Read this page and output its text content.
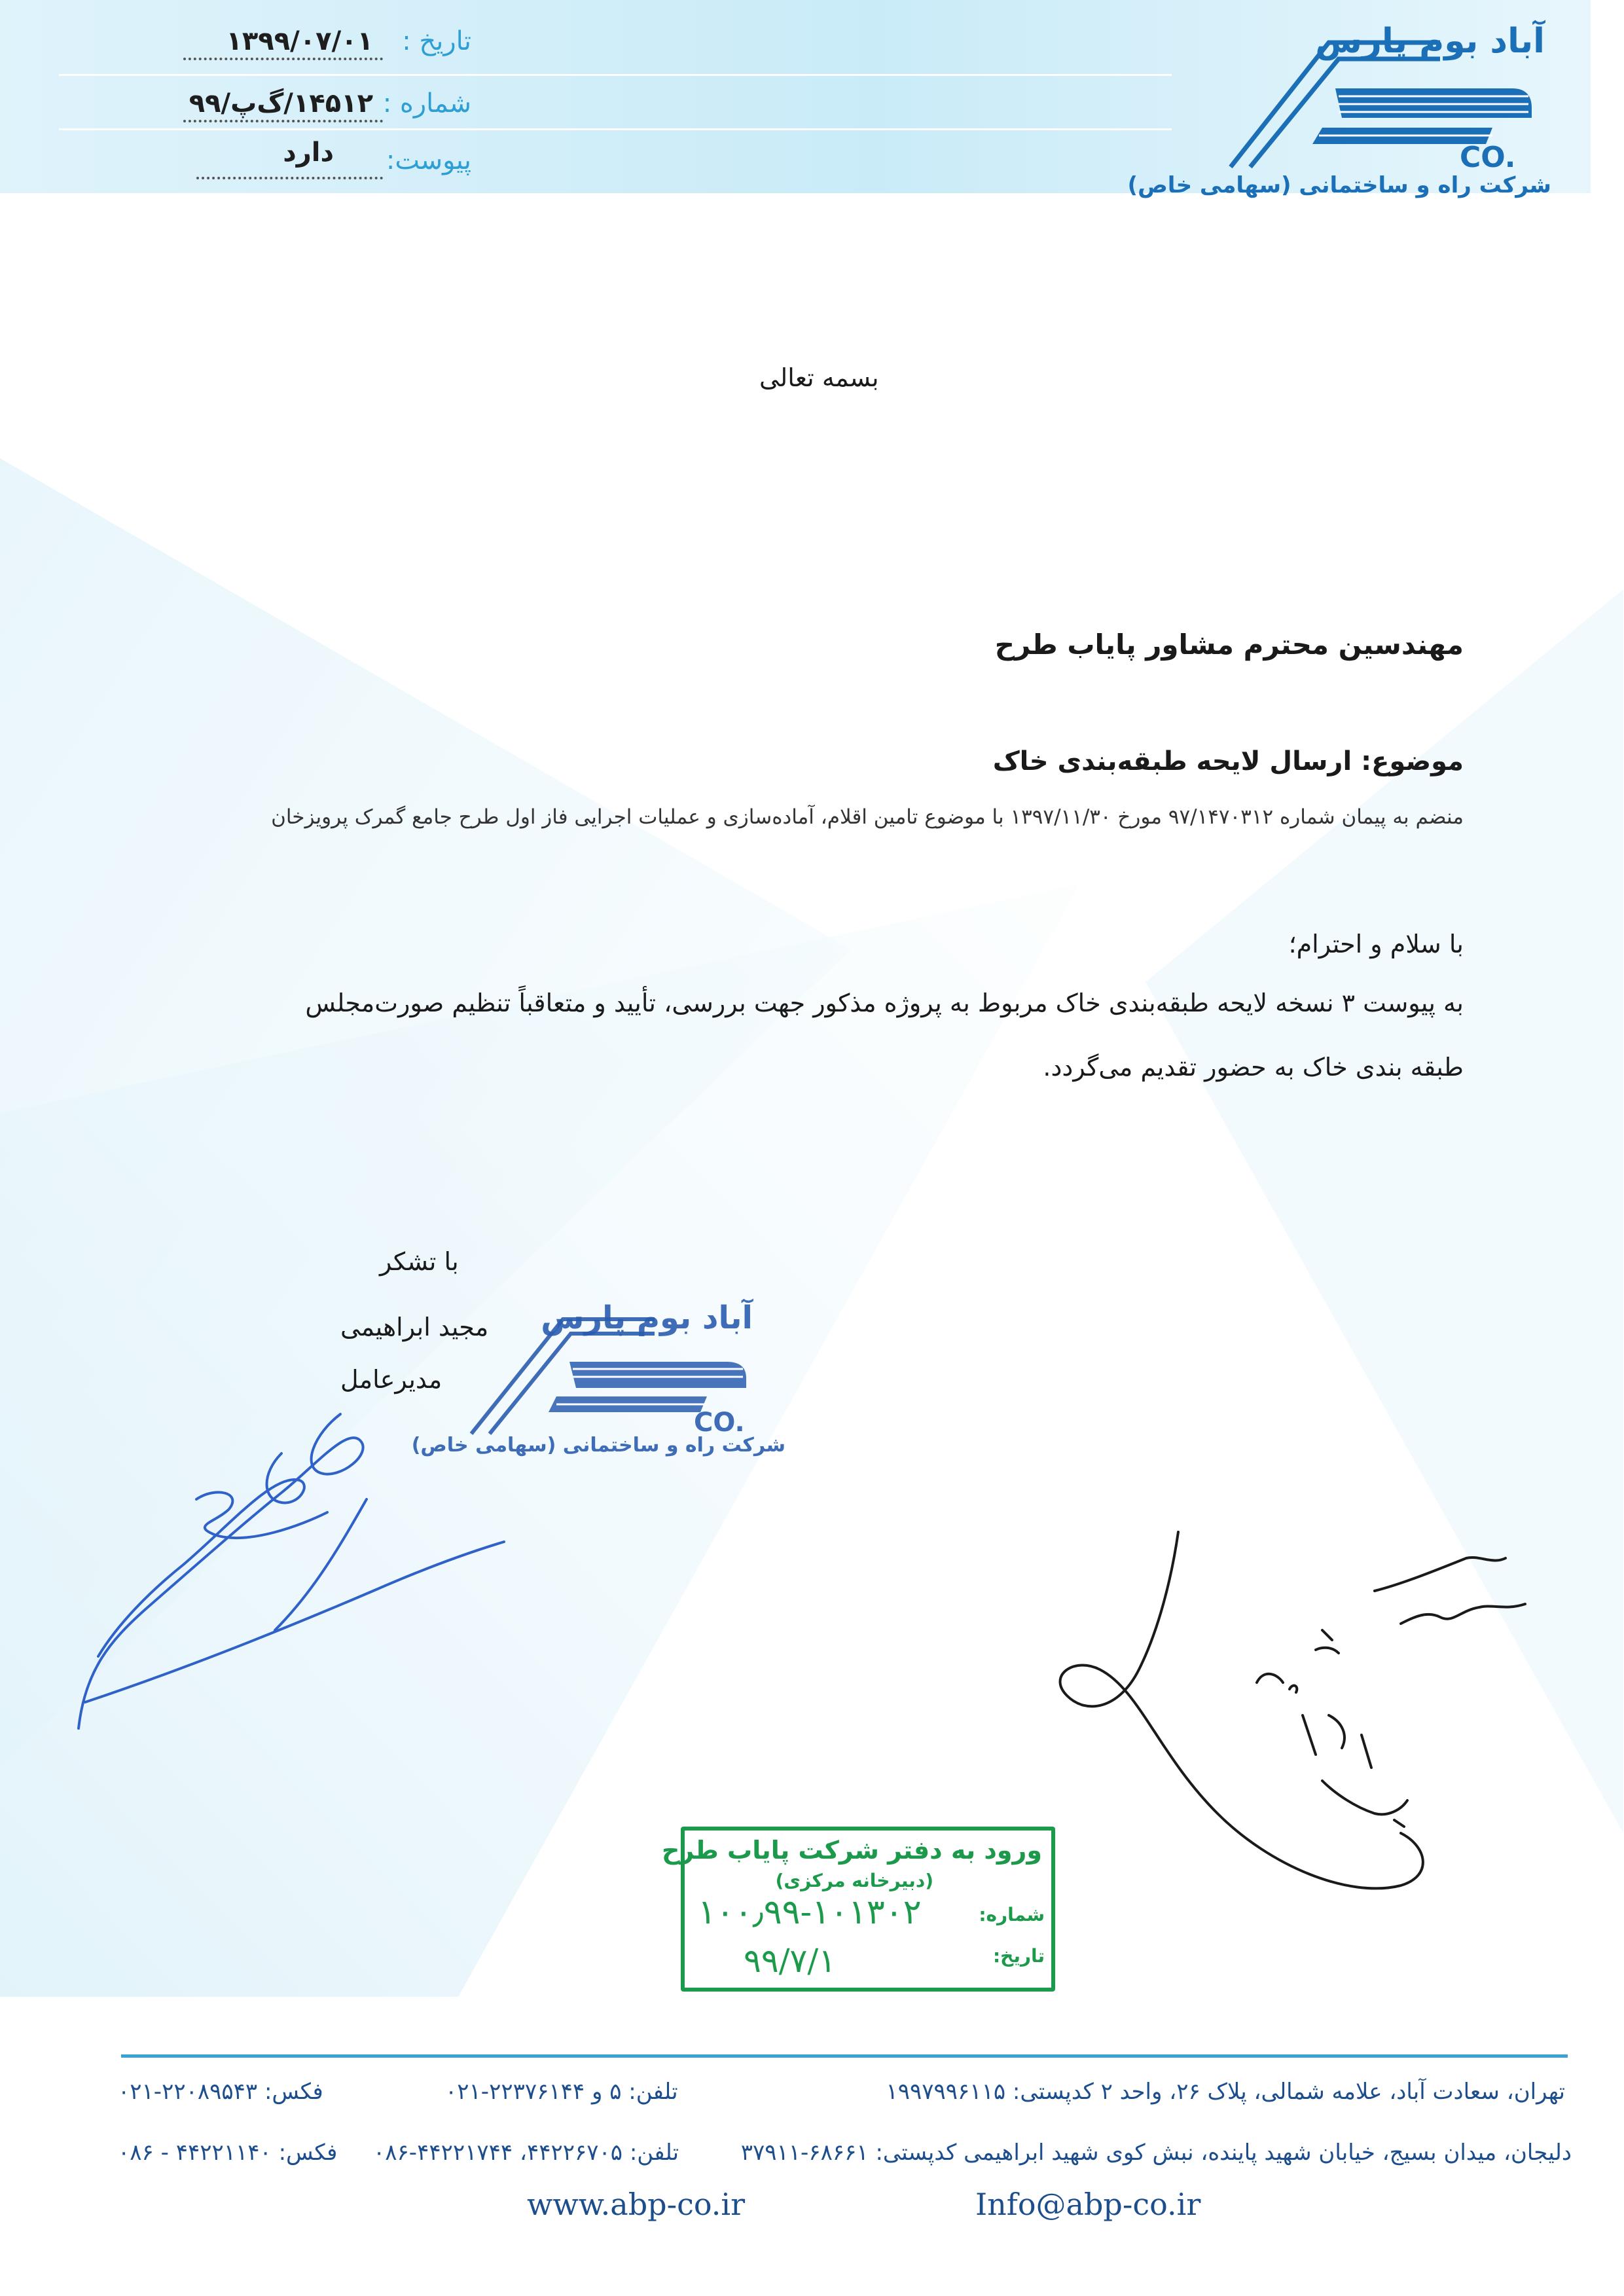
تاریخ :
۱۳۹۹/۰۷/۰۱
شماره :
۱۴۵۱۲/گ‌پ/۹۹
پیوست:
دارد
آباد بوم پارس
CO.
شرکت راه و ساختمانی (سهامی خاص)
بسمه تعالی
مهندسین محترم مشاور پایاب طرح
موضوع: ارسال لایحه طبقه‌بندی خاک
منضم به پیمان شماره ۹۷/۱۴۷۰۳۱۲ مورخ ۱۳۹۷/۱۱/۳۰ با موضوع تامین اقلام، آماده‌سازی و عملیات اجرایی فاز اول طرح جامع گمرک پرویزخان
با سلام و احترام؛
به پیوست ۳ نسخه لایحه طبقه‌بندی خاک مربوط به پروژه مذکور جهت بررسی، تأیید و متعاقباً تنظیم صورت‌مجلس
طبقه بندی خاک به حضور تقدیم می‌گردد.
با تشکر
مجید ابراهیمی
مدیرعامل
آباد بوم پارس
CO.
شرکت راه و ساختمانی (سهامی خاص)
ورود به دفتر شرکت پایاب طرح
(دبیرخانه مرکزی)
شماره:
۱۰۰٫۹۹-۱۰۱۳۰۲
تاریخ:
۹۹/۷/۱
تهران، سعادت آباد، علامه شمالی، پلاک ۲۶، واحد ۲ کدپستی: ۱۹۹۷۹۹۶۱۱۵
تلفن: ۵ و ۲۲۳۷۶۱۴۴-۰۲۱
فکس: ۲۲۰۸۹۵۴۳-۰۲۱
دلیجان، میدان بسیج، خیابان شهید پاینده، نبش کوی شهید ابراهیمی کدپستی: ۶۸۶۶۱-۳۷۹۱۱
تلفن: ۴۴۲۲۶۷۰۵، ۴۴۲۲۱۷۴۴-۰۸۶
فکس: ۴۴۲۲۱۱۴۰ - ۰۸۶
www.abp-co.ir	Info@abp-co.ir
